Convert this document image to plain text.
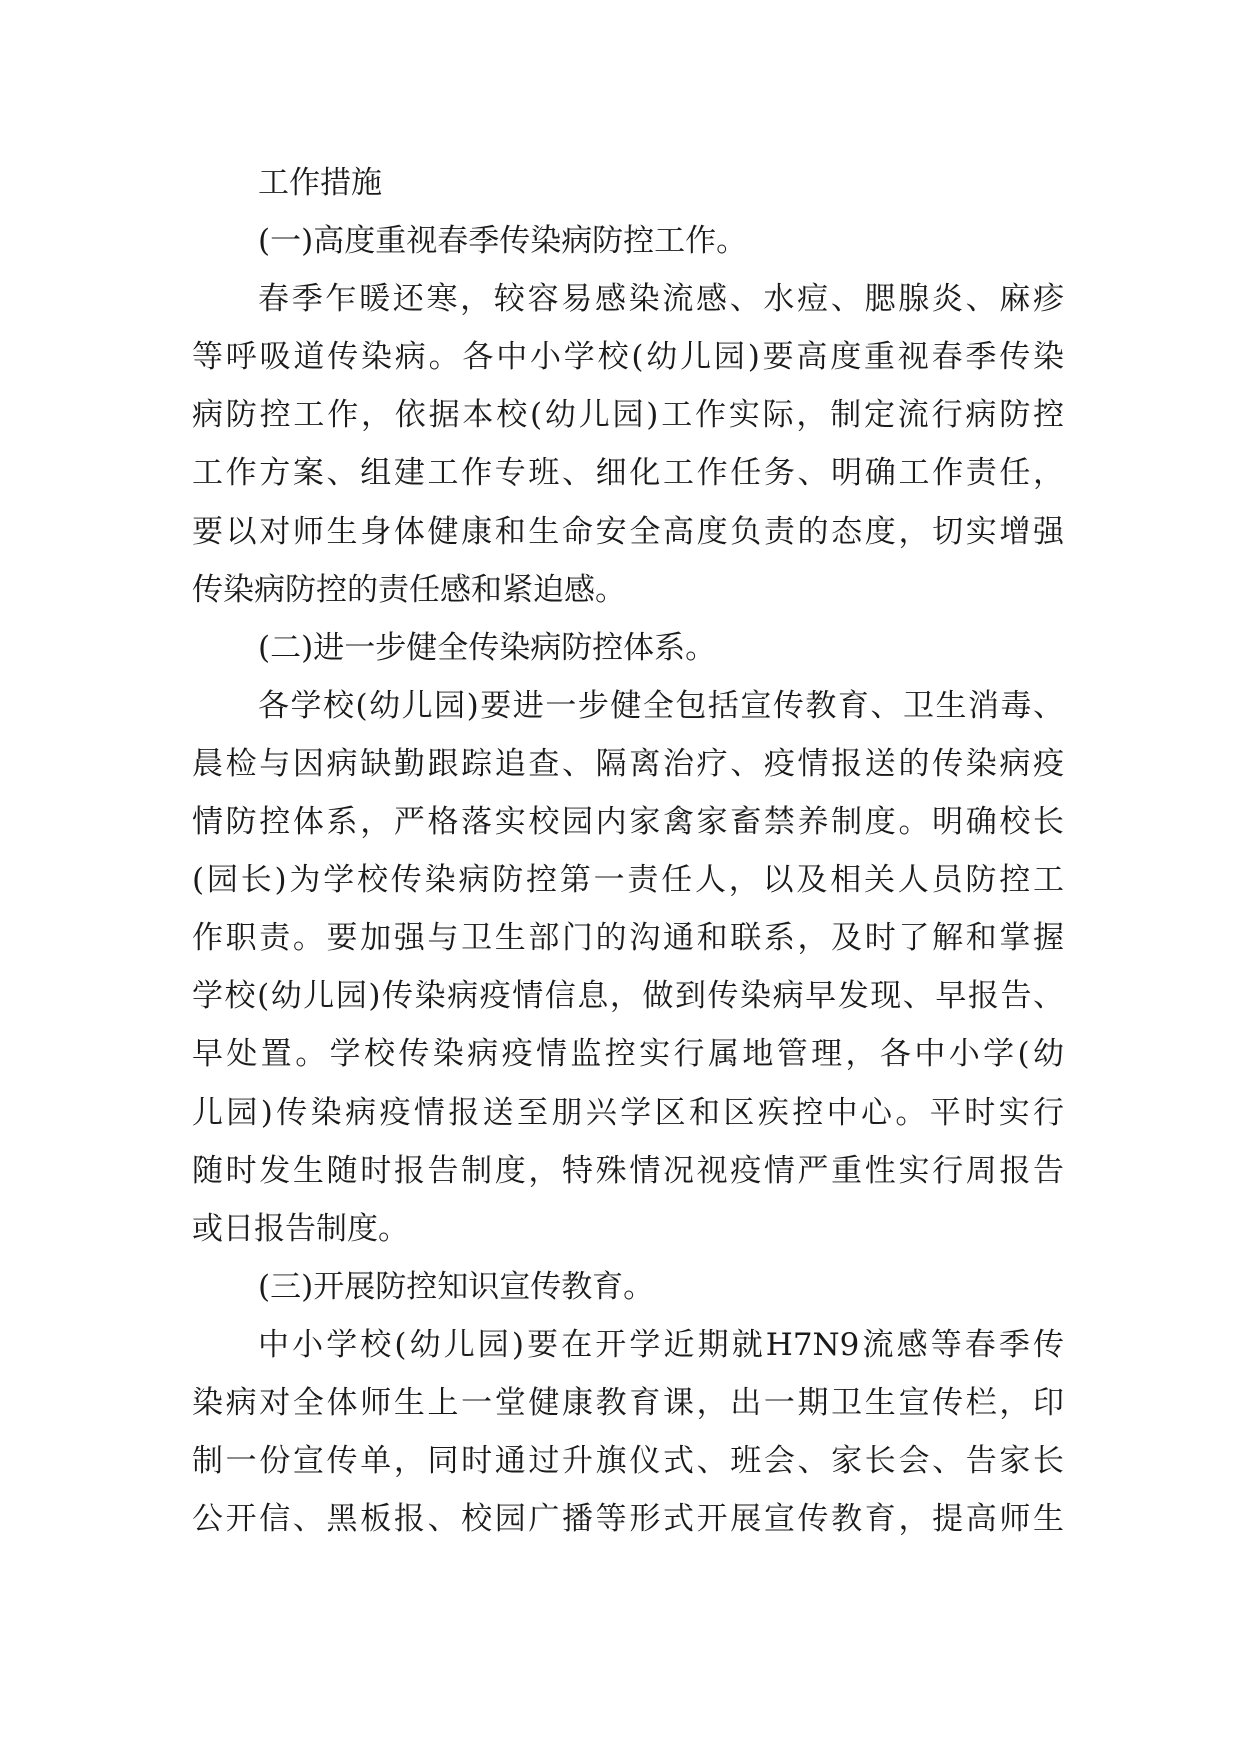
工作措施
(一)高度重视春季传染病防控工作。
春季乍暖还寒，较容易感染流感、水痘、腮腺炎、麻疹
等呼吸道传染病。各中小学校(幼儿园)要高度重视春季传染
病防控工作，依据本校(幼儿园)工作实际，制定流行病防控
工作方案、组建工作专班、细化工作任务、明确工作责任，
要以对师生身体健康和生命安全高度负责的态度，切实增强
传染病防控的责任感和紧迫感。
(二)进一步健全传染病防控体系。
各学校(幼儿园)要进一步健全包括宣传教育、卫生消毒、
晨检与因病缺勤跟踪追查、隔离治疗、疫情报送的传染病疫
情防控体系，严格落实校园内家禽家畜禁养制度。明确校长
(园长)为学校传染病防控第一责任人，以及相关人员防控工
作职责。要加强与卫生部门的沟通和联系，及时了解和掌握
学校(幼儿园)传染病疫情信息，做到传染病早发现、早报告、
早处置。学校传染病疫情监控实行属地管理，各中小学(幼
儿园)传染病疫情报送至朋兴学区和区疾控中心。平时实行
随时发生随时报告制度，特殊情况视疫情严重性实行周报告
或日报告制度。
(三)开展防控知识宣传教育。
中小学校(幼儿园)要在开学近期就H7N9流感等春季传
染病对全体师生上一堂健康教育课，出一期卫生宣传栏，印
制一份宣传单，同时通过升旗仪式、班会、家长会、告家长
公开信、黑板报、校园广播等形式开展宣传教育，提高师生
